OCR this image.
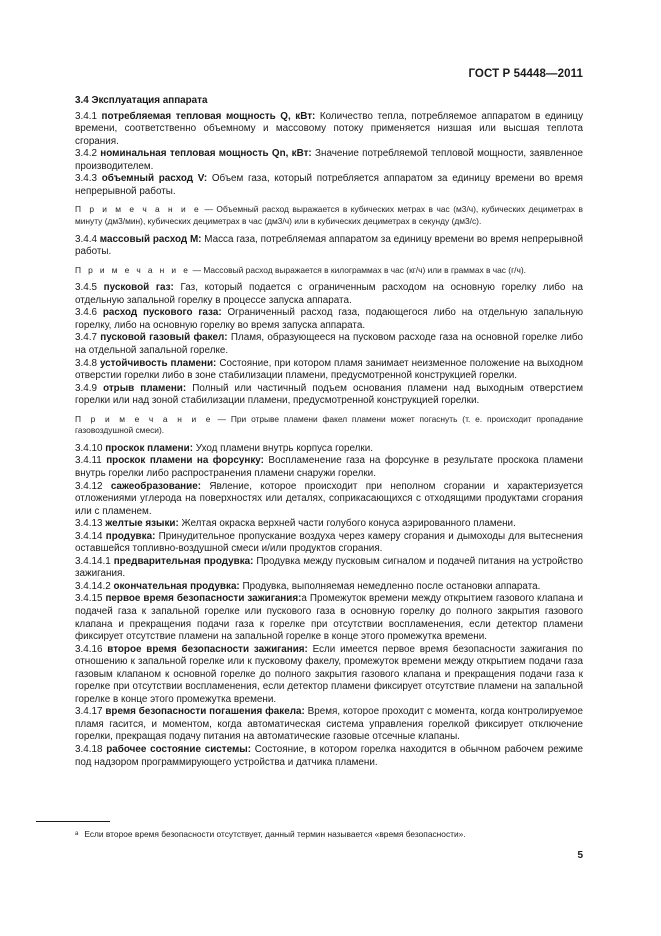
ГОСТ Р 54448—2011

3.4 Эксплуатация аппарата

3.4.1 потребляемая тепловая мощность Q, кВт: Количество тепла, потребляемое аппаратом в единицу времени, соответственно объемному и массовому потоку применяется низшая или высшая теплота сгорания.

3.4.2 номинальная тепловая мощность Qn, кВт: Значение потребляемой тепловой мощности, заявленное производителем.

3.4.3 объемный расход V: Объем газа, который потребляется аппаратом за единицу времени во время непрерывной работы.

П р и м е ч а н и е — Объемный расход выражается в кубических метрах в час (м3/ч), кубических дециметрах в минуту (дм3/мин), кубических дециметрах в час (дм3/ч) или в кубических дециметрах в секунду (дм3/с).

3.4.4 массовый расход M: Масса газа, потребляемая аппаратом за единицу времени во время непрерывной работы.

П р и м е ч а н и е — Массовый расход выражается в килограммах в час (кг/ч) или в граммах в час (г/ч).

3.4.5 пусковой газ: Газ, который подается с ограниченным расходом на основную горелку либо на отдельную запальной горелку в процессе запуска аппарата.

3.4.6 расход пускового газа: Ограниченный расход газа, подающегося либо на отдельную запальную горелку, либо на основную горелку во время запуска аппарата.

3.4.7 пусковой газовый факел: Пламя, образующееся на пусковом расходе газа на основной горелке либо на отдельной запальной горелке.

3.4.8 устойчивость пламени: Состояние, при котором пламя занимает неизменное положение на выходном отверстии горелки либо в зоне стабилизации пламени, предусмотренной конструкцией горелки.

3.4.9 отрыв пламени: Полный или частичный подъем основания пламени над выходным отверстием горелки или над зоной стабилизации пламени, предусмотренной конструкцией горелки.

П р и м е ч а н и е — При отрыве пламени факел пламени может погаснуть (т. е. происходит пропадание газовоздушной смеси).

3.4.10 проскок пламени: Уход пламени внутрь корпуса горелки.

3.4.11 проскок пламени на форсунку: Воспламенение газа на форсунке в результате проскока пламени внутрь горелки либо распространения пламени снаружи горелки.

3.4.12 сажеобразование: Явление, которое происходит при неполном сгорании и характеризуется отложениями углерода на поверхностях или деталях, соприкасающихся с отходящими продуктами сгорания или с пламенем.

3.4.13 желтые языки: Желтая окраска верхней части голубого конуса аэрированного пламени.

3.4.14 продувка: Принудительное пропускание воздуха через камеру сгорания и дымоходы для вытеснения оставшейся топливно-воздушной смеси и/или продуктов сгорания.

3.4.14.1 предварительная продувка: Продувка между пусковым сигналом и подачей питания на устройство зажигания.

3.4.14.2 окончательная продувка: Продувка, выполняемая немедленно после остановки аппарата.

3.4.15 первое время безопасности зажигания:а Промежуток времени между открытием газового клапана и подачей газа к запальной горелке или пускового газа в основную горелку до полного закрытия газового клапана и прекращения подачи газа к горелке при отсутствии воспламенения, если детектор пламени фиксирует отсутствие пламени на запальной горелке в конце этого промежутка времени.

3.4.16 второе время безопасности зажигания: Если имеется первое время безопасности зажигания по отношению к запальной горелке или к пусковому факелу, промежуток времени между открытием подачи газа газовым клапаном к основной горелке до полного закрытия газового клапана и прекращения подачи газа к горелке при отсутствии воспламенения, если детектор пламени фиксирует отсутствие пламени на запальной горелке в конце этого промежутка времени.

3.4.17 время безопасности погашения факела: Время, которое проходит с момента, когда контролируемое пламя гасится, и моментом, когда автоматическая система управления горелкой фиксирует отключение горелки, прекращая подачу питания на автоматические газовые отсечные клапаны.

3.4.18 рабочее состояние системы: Состояние, в котором горелка находится в обычном рабочем режиме под надзором программирующего устройства и датчика пламени.

$^а$ Если второе время безопасности отсутствует, данный термин называется «время безопасности».
5
